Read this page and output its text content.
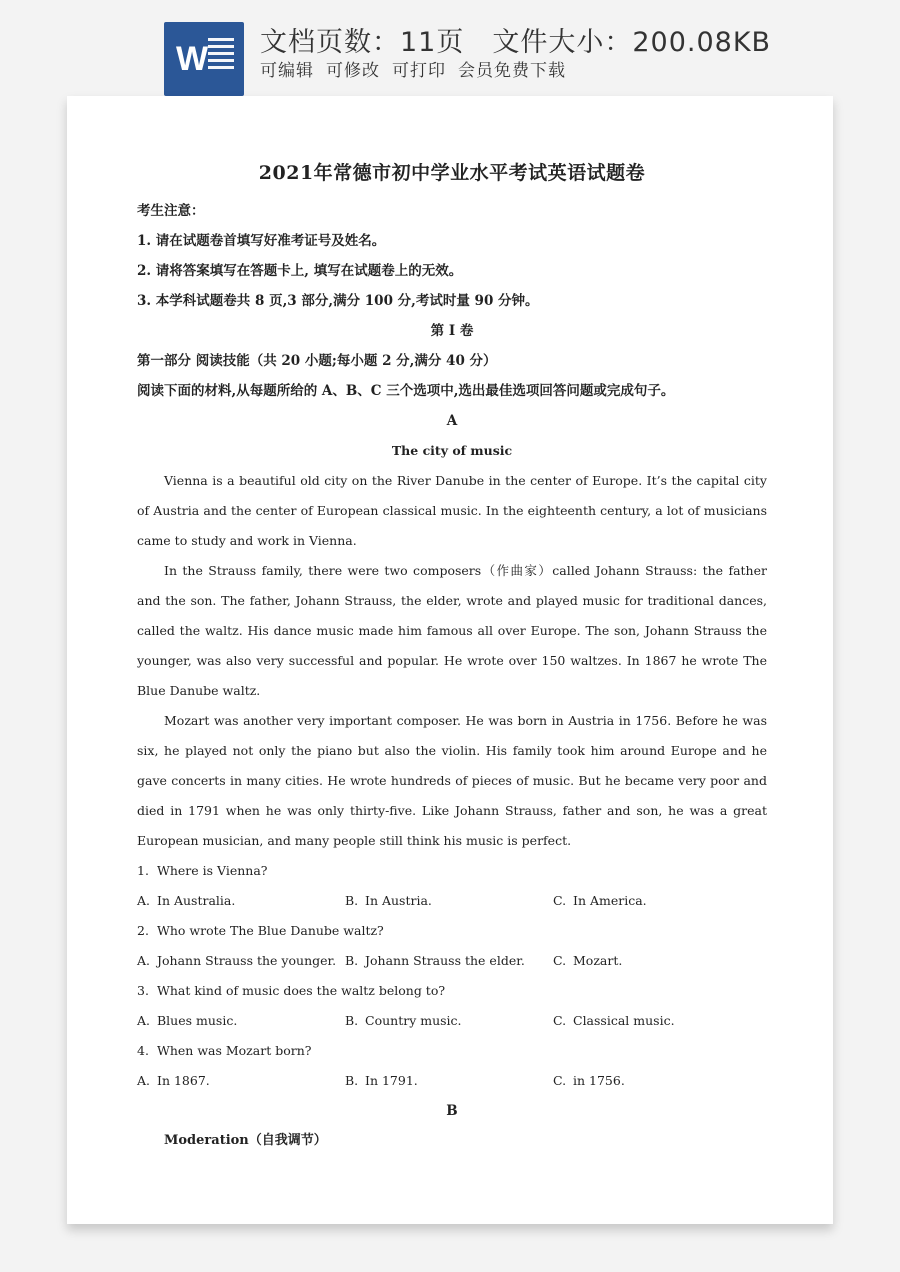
W 文档页数：11页 文件大小：200.08KB
可编辑 可修改 可打印 会员免费下载
2021年常德市初中学业水平考试英语试题卷

考生注意：

1. 请在试题卷首填写好准考证号及姓名。

2. 请将答案填写在答题卡上, 填写在试题卷上的无效。

3. 本学科试题卷共 8 页,3 部分,满分 100 分,考试时量 90 分钟。

第 I 卷

第一部分 阅读技能（共 20 小题;每小题 2 分,满分 40 分）

阅读下面的材料,从每题所给的 A、B、C 三个选项中,选出最佳选项回答问题或完成句子。

A

The city of music

Vienna is a beautiful old city on the River Danube in the center of Europe. It’s the capital city of Austria and the center of European classical music. In the eighteenth century, a lot of musicians came to study and work in Vienna.

In the Strauss family, there were two composers（作曲家）called Johann Strauss: the father and the son. The father, Johann Strauss, the elder, wrote and played music for traditional dances, called the waltz. His dance music made him famous all over Europe. The son, Johann Strauss the younger, was also very successful and popular. He wrote over 150 waltzes. In 1867 he wrote The Blue Danube waltz.

Mozart was another very important composer. He was born in Austria in 1756. Before he was six, he played not only the piano but also the violin. His family took him around Europe and he gave concerts in many cities. He wrote hundreds of pieces of music. But he became very poor and died in 1791 when he was only thirty-five. Like Johann Strauss, father and son, he was a great European musician, and many people still think his music is perfect.

1. Where is Vienna?

A. In Australia.	B. In Austria.	C. In America.

2. Who wrote The Blue Danube waltz?

A. Johann Strauss the younger. B. Johann Strauss the elder.	C. Mozart.

3. What kind of music does the waltz belong to?

A. Blues music.	B. Country music.	C. Classical music.

4. When was Mozart born?

A. In 1867.	B. In 1791.	C. in 1756.

B

Moderation（自我调节）
